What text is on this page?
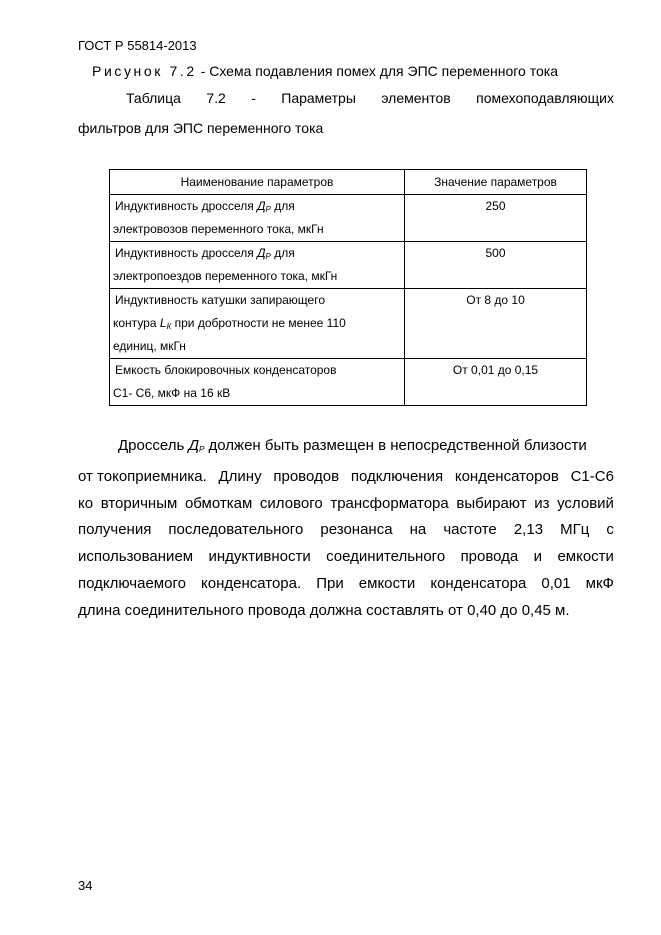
ГОСТ Р 55814-2013
Рисунок 7.2 - Схема подавления помех для ЭПС переменного тока
Таблица 7.2 - Параметры элементов помехоподавляющих
фильтров для ЭПС переменного тока
Наименование параметров	Значение параметров

Индуктивность дросселя $Д_Р$ для
электровозов переменного тока, мкГн	250

Индуктивность дросселя $Д_Р$ для
электропоездов переменного тока, мкГн	500

Индуктивность катушки запирающего
контура $L_К$ при добротности не менее 110
единиц, мкГн	От 8 до 10

Емкость блокировочных конденсаторов
С1- С6, мкФ на 16 кВ	От 0,01 до 0,15
Дроссель $Д_Р$ должен быть размещен в непосредственной близости
от токоприемника. Длину проводов подключения конденсаторов С1-С6
ко вторичным обмоткам силового трансформатора выбирают из условий
получения последовательного резонанса на частоте 2,13 МГц с
использованием индуктивности соединительного провода и емкости
подключаемого конденсатора. При емкости конденсатора 0,01 мкФ
длина соединительного провода должна составлять от 0,40 до 0,45 м.
34
